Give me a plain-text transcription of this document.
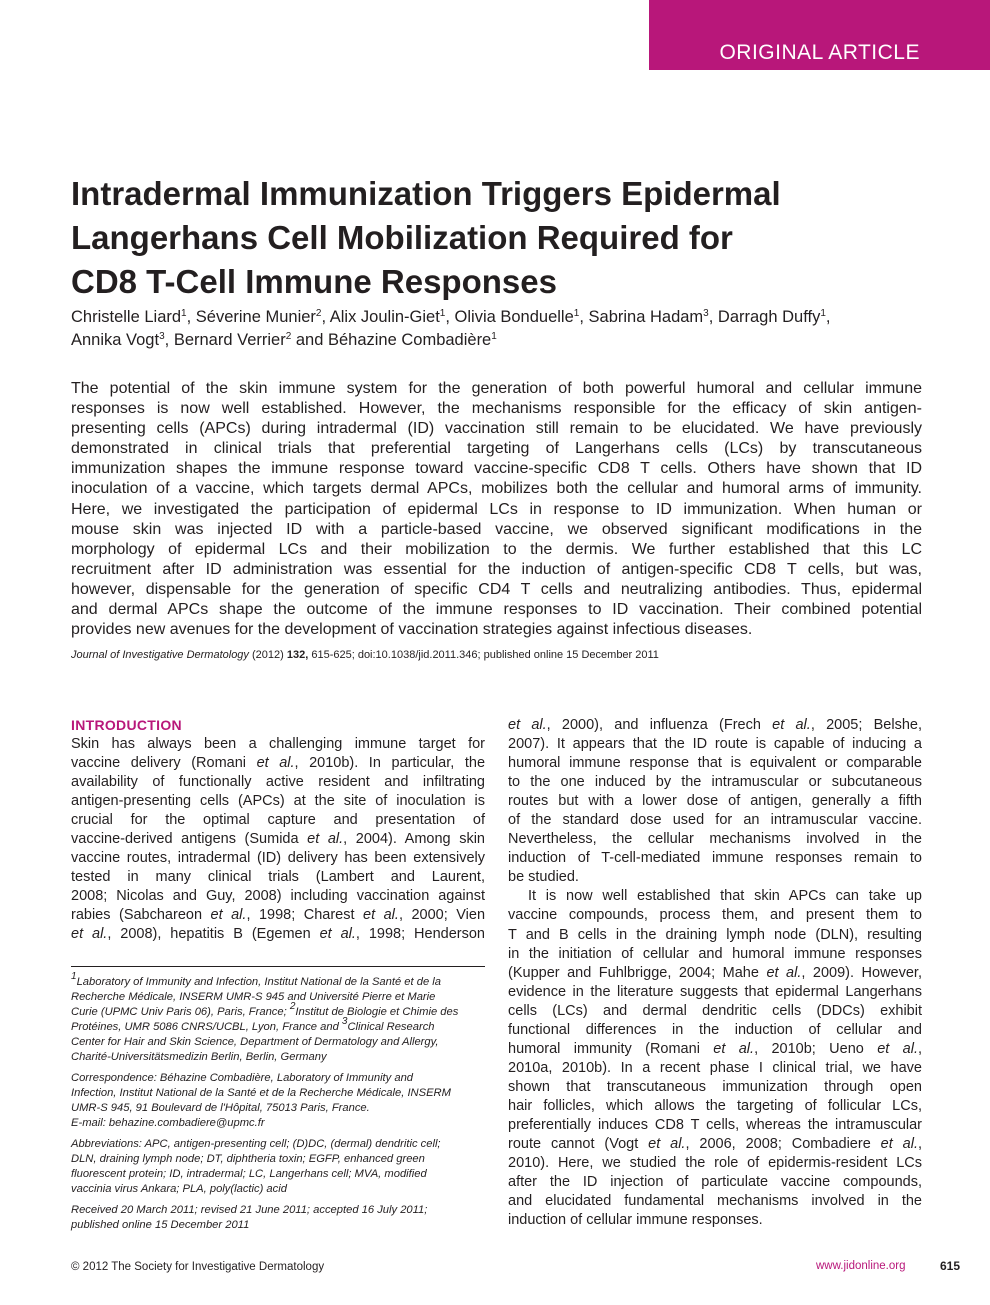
ORIGINAL ARTICLE
Intradermal Immunization Triggers Epidermal
Langerhans Cell Mobilization Required for
CD8 T-Cell Immune Responses
Christelle Liard$^1$, Séverine Munier$^2$, Alix Joulin-Giet$^1$, Olivia Bonduelle$^1$, Sabrina Hadam$^3$, Darragh Duffy$^1$,
Annika Vogt$^3$, Bernard Verrier$^2$ and Béhazine Combadière$^1$
The potential of the skin immune system for the generation of both powerful humoral and cellular immune
responses is now well established. However, the mechanisms responsible for the efficacy of skin antigen-
presenting cells (APCs) during intradermal (ID) vaccination still remain to be elucidated. We have previously
demonstrated in clinical trials that preferential targeting of Langerhans cells (LCs) by transcutaneous
immunization shapes the immune response toward vaccine-specific CD8 T cells. Others have shown that ID
inoculation of a vaccine, which targets dermal APCs, mobilizes both the cellular and humoral arms of immunity.
Here, we investigated the participation of epidermal LCs in response to ID immunization. When human or
mouse skin was injected ID with a particle-based vaccine, we observed significant modifications in the
morphology of epidermal LCs and their mobilization to the dermis. We further established that this LC
recruitment after ID administration was essential for the induction of antigen-specific CD8 T cells, but was,
however, dispensable for the generation of specific CD4 T cells and neutralizing antibodies. Thus, epidermal
and dermal APCs shape the outcome of the immune responses to ID vaccination. Their combined potential
provides new avenues for the development of vaccination strategies against infectious diseases.
Journal of Investigative Dermatology (2012) 132, 615-625; doi:10.1038/jid.2011.346; published online 15 December 2011
INTRODUCTION
Skin has always been a challenging immune target for
vaccine delivery (Romani et al., 2010b). In particular, the
availability of functionally active resident and infiltrating
antigen-presenting cells (APCs) at the site of inoculation is
crucial for the optimal capture and presentation of
vaccine-derived antigens (Sumida et al., 2004). Among skin
vaccine routes, intradermal (ID) delivery has been extensively
tested in many clinical trials (Lambert and Laurent,
2008; Nicolas and Guy, 2008) including vaccination against
rabies (Sabchareon et al., 1998; Charest et al., 2000; Vien
et al., 2008), hepatitis B (Egemen et al., 1998; Henderson
$^1$Laboratory of Immunity and Infection, Institut National de la Santé et de la
Recherche Médicale, INSERM UMR-S 945 and Université Pierre et Marie
Curie (UPMC Univ Paris 06), Paris, France; $^2$Institut de Biologie et Chimie des
Protéines, UMR 5086 CNRS/UCBL, Lyon, France and $^3$Clinical Research
Center for Hair and Skin Science, Department of Dermatology and Allergy,
Charité-Universitätsmedizin Berlin, Berlin, Germany
Correspondence: Béhazine Combadière, Laboratory of Immunity and
Infection, Institut National de la Santé et de la Recherche Médicale, INSERM
UMR-S 945, 91 Boulevard de l'Hôpital, 75013 Paris, France.
E-mail: behazine.combadiere@upmc.fr
Abbreviations: APC, antigen-presenting cell; (D)DC, (dermal) dendritic cell;
DLN, draining lymph node; DT, diphtheria toxin; EGFP, enhanced green
fluorescent protein; ID, intradermal; LC, Langerhans cell; MVA, modified
vaccinia virus Ankara; PLA, poly(lactic) acid
Received 20 March 2011; revised 21 June 2011; accepted 16 July 2011;
published online 15 December 2011
et al., 2000), and influenza (Frech et al., 2005; Belshe,
2007). It appears that the ID route is capable of inducing a
humoral immune response that is equivalent or comparable
to the one induced by the intramuscular or subcutaneous
routes but with a lower dose of antigen, generally a fifth
of the standard dose used for an intramuscular vaccine.
Nevertheless, the cellular mechanisms involved in the
induction of T-cell-mediated immune responses remain to
be studied.
It is now well established that skin APCs can take up
vaccine compounds, process them, and present them to
T and B cells in the draining lymph node (DLN), resulting
in the initiation of cellular and humoral immune responses
(Kupper and Fuhlbrigge, 2004; Mahe et al., 2009). However,
evidence in the literature suggests that epidermal Langerhans
cells (LCs) and dermal dendritic cells (DDCs) exhibit
functional differences in the induction of cellular and
humoral immunity (Romani et al., 2010b; Ueno et al.,
2010a, 2010b). In a recent phase I clinical trial, we have
shown that transcutaneous immunization through open
hair follicles, which allows the targeting of follicular LCs,
preferentially induces CD8 T cells, whereas the intramuscular
route cannot (Vogt et al., 2006, 2008; Combadiere et al.,
2010). Here, we studied the role of epidermis-resident LCs
after the ID injection of particulate vaccine compounds,
and elucidated fundamental mechanisms involved in the
induction of cellular immune responses.
© 2012 The Society for Investigative Dermatology	www.jidonline.org	615
